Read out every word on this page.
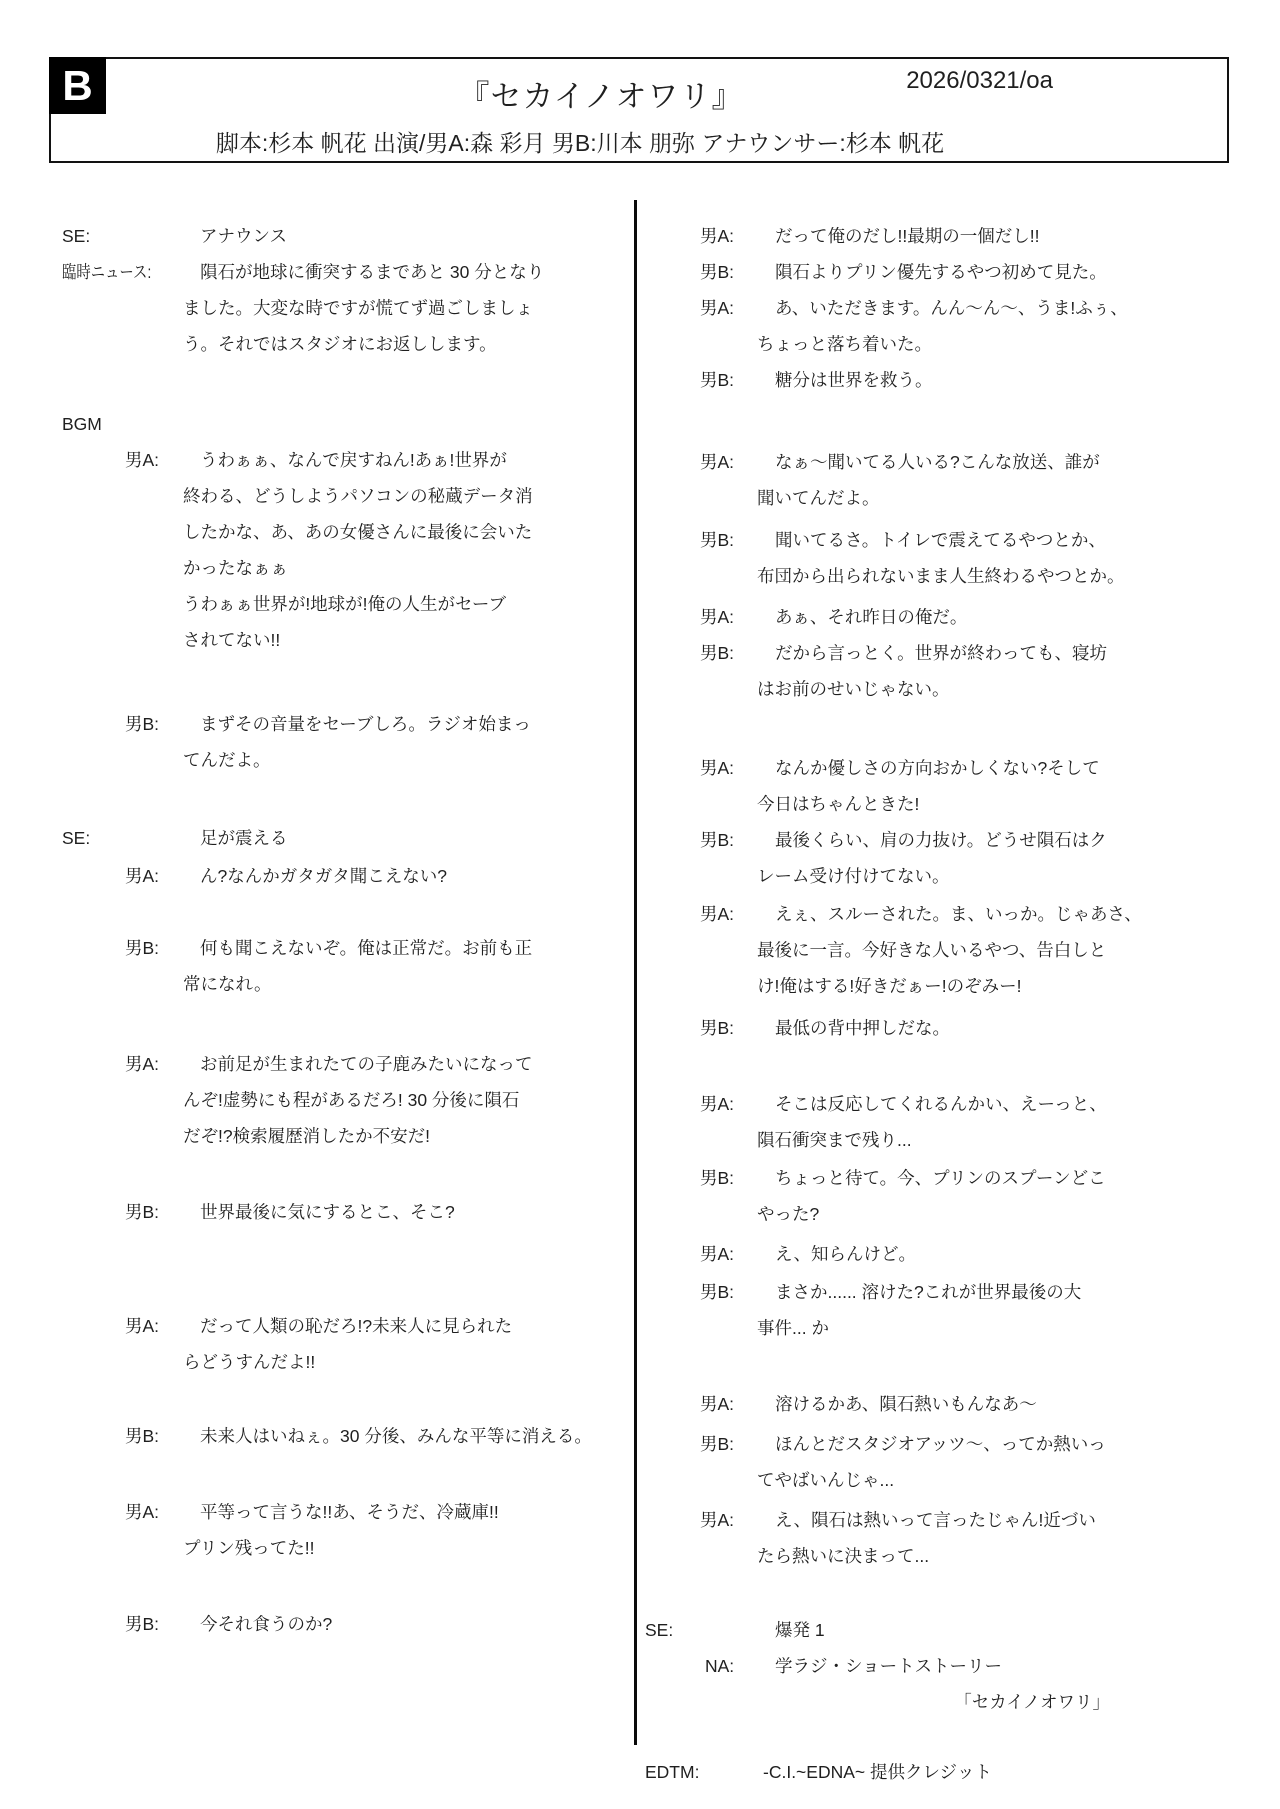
B	『セカイノオワリ』	2026/0321/oa
脚本:杉本 帆花 出演/男A:森 彩月 男B:川本 朋弥 アナウンサー:杉本 帆花
SE:	アナウンス
臨時ニュース:	隕石が地球に衝突するまであと 30 分となり
ました。大変な時ですが慌てず過ごしましょ
う。それではスタジオにお返しします。
BGM

男A:	うわぁぁ、なんで戻すねん!あぁ!世界が
終わる、どうしようパソコンの秘蔵データ消
したかな、あ、あの女優さんに最後に会いた
かったなぁぁ
うわぁぁ世界が!地球が!俺の人生がセーブ
されてない!!
男B:	まずその音量をセーブしろ。ラジオ始まっ
てんだよ。
SE:	足が震える
男A:	ん?なんかガタガタ聞こえない?
男B:	何も聞こえないぞ。俺は正常だ。お前も正
常になれ。
男A:	お前足が生まれたての子鹿みたいになって
んぞ!虚勢にも程があるだろ! 30 分後に隕石
だぞ!?検索履歴消したか不安だ!
男B:	世界最後に気にするとこ、そこ?
男A:	だって人類の恥だろ!?未来人に見られた
らどうすんだよ!!
男B:	未来人はいねぇ。30 分後、みんな平等に消える。
男A:	平等って言うな!!あ、そうだ、冷蔵庫!!
プリン残ってた!!
男B:	今それ食うのか?
男A:	だって俺のだし!!最期の一個だし!!
男B:	隕石よりプリン優先するやつ初めて見た。
男A:	あ、いただきます。んん〜ん〜、うま!ふぅ、
ちょっと落ち着いた。
男B:	糖分は世界を救う。
男A:	なぁ〜聞いてる人いる?こんな放送、誰が
聞いてんだよ。
男B:	聞いてるさ。トイレで震えてるやつとか、
布団から出られないまま人生終わるやつとか。
男A:	あぁ、それ昨日の俺だ。
男B:	だから言っとく。世界が終わっても、寝坊
はお前のせいじゃない。
男A:	なんか優しさの方向おかしくない?そして
今日はちゃんときた!
男B:	最後くらい、肩の力抜け。どうせ隕石はク
レーム受け付けてない。
男A:	えぇ、スルーされた。ま、いっか。じゃあさ、
最後に一言。今好きな人いるやつ、告白しと
け!俺はする!好きだぁー!のぞみー!
男B:	最低の背中押しだな。
男A:	そこは反応してくれるんかい、えーっと、
隕石衝突まで残り...
男B:	ちょっと待て。今、プリンのスプーンどこ
やった?
男A:	え、知らんけど。
男B:	まさか...... 溶けた?これが世界最後の大
事件... か
男A:	溶けるかあ、隕石熱いもんなあ〜
男B:	ほんとだスタジオアッツ〜、ってか熱いっ
てやばいんじゃ...
男A:	え、隕石は熱いって言ったじゃん!近づい
たら熱いに決まって...
SE:	爆発 1
NA:	学ラジ・ショートストーリー
「セカイノオワリ」
EDTM:	-C.I.~EDNA~ 提供クレジット
